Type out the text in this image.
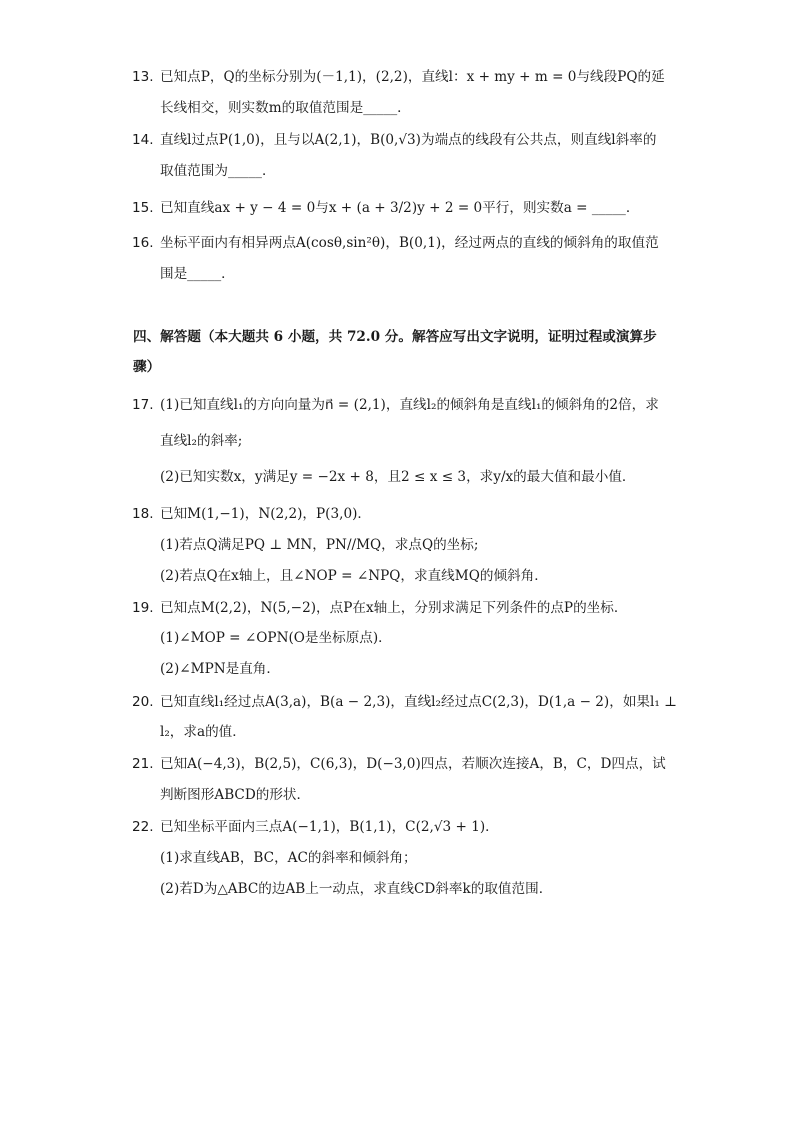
13. 已知点P，Q的坐标分别为(－1,1)，(2,2)，直线l：x + my + m = 0与线段PQ的延
长线相交，则实数m的取值范围是_____．
14. 直线l过点P(1,0)，且与以A(2,1)，B(0,√3)为端点的线段有公共点，则直线l斜率的
取值范围为_____．
15. 已知直线ax + y − 4 = 0与x + (a + 3/2)y + 2 = 0平行，则实数a = _____．
16. 坐标平面内有相异两点A(cosθ,sin²θ)，B(0,1)，经过两点的直线的倾斜角的取值范
围是_____．
四、解答题（本大题共 6 小题，共 72.0 分。解答应写出文字说明，证明过程或演算步
骤）
17. (1)已知直线l₁的方向向量为n⃗ = (2,1)，直线l₂的倾斜角是直线l₁的倾斜角的2倍，求
直线l₂的斜率;
(2)已知实数x，y满足y = −2x + 8，且2 ≤ x ≤ 3，求y/x的最大值和最小值．
18. 已知M(1,−1)，N(2,2)，P(3,0)．
(1)若点Q满足PQ ⊥ MN，PN//MQ，求点Q的坐标;
(2)若点Q在x轴上，且∠NOP = ∠NPQ，求直线MQ的倾斜角．
19. 已知点M(2,2)，N(5,−2)，点P在x轴上，分别求满足下列条件的点P的坐标．
(1)∠MOP = ∠OPN(O是坐标原点)．
(2)∠MPN是直角．
20. 已知直线l₁经过点A(3,a)，B(a − 2,3)，直线l₂经过点C(2,3)，D(1,a − 2)，如果l₁ ⊥
l₂，求a的值．
21. 已知A(−4,3)，B(2,5)，C(6,3)，D(−3,0)四点，若顺次连接A，B，C，D四点，试
判断图形ABCD的形状．
22. 已知坐标平面内三点A(−1,1)，B(1,1)，C(2,√3 + 1)．
(1)求直线AB，BC，AC的斜率和倾斜角；
(2)若D为△ABC的边AB上一动点，求直线CD斜率k的取值范围．
